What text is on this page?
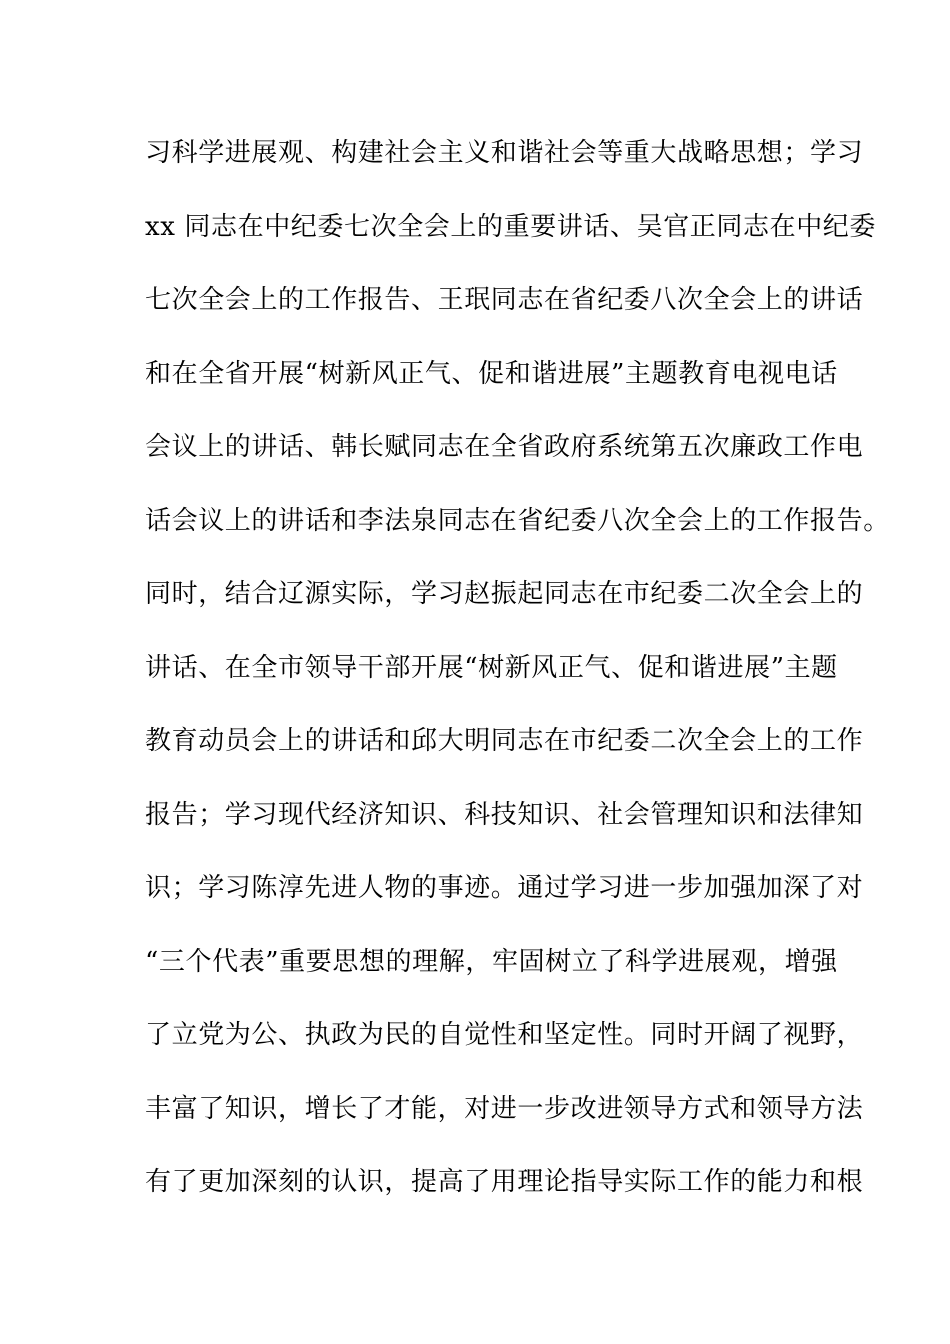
习科学进展观、构建社会主义和谐社会等重大战略思想；学习
xx 同志在中纪委七次全会上的重要讲话、吴官正同志在中纪委
七次全会上的工作报告、王珉同志在省纪委八次全会上的讲话
和在全省开展“树新风正气、促和谐进展”主题教育电视电话
会议上的讲话、韩长赋同志在全省政府系统第五次廉政工作电
话会议上的讲话和李法泉同志在省纪委八次全会上的工作报告。
同时，结合辽源实际，学习赵振起同志在市纪委二次全会上的
讲话、在全市领导干部开展“树新风正气、促和谐进展”主题
教育动员会上的讲话和邱大明同志在市纪委二次全会上的工作
报告；学习现代经济知识、科技知识、社会管理知识和法律知
识；学习陈淳先进人物的事迹。通过学习进一步加强加深了对
“三个代表”重要思想的理解，牢固树立了科学进展观，增强
了立党为公、执政为民的自觉性和坚定性。同时开阔了视野，
丰富了知识，增长了才能，对进一步改进领导方式和领导方法
有了更加深刻的认识，提高了用理论指导实际工作的能力和根
